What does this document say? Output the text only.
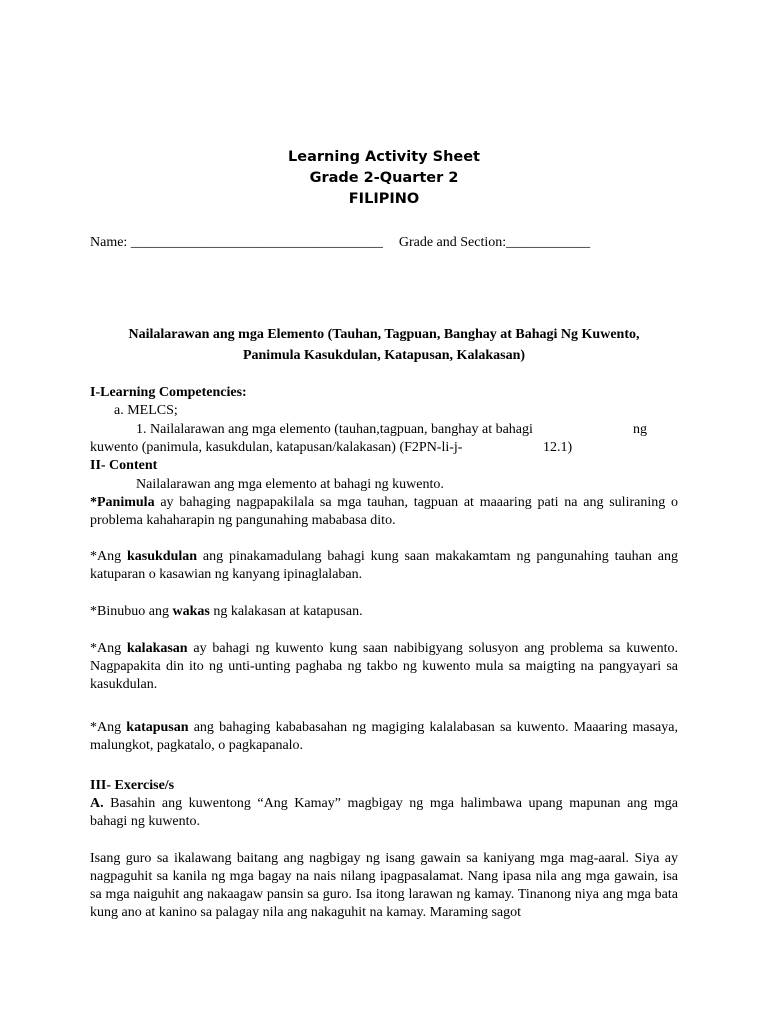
Learning Activity Sheet
Grade 2-Quarter 2
FILIPINO
Name: ____________________________________ Grade and Section:____________
Nailalarawan ang mga Elemento (Tauhan, Tagpuan, Banghay at Bahagi Ng Kuwento,
Panimula Kasukdulan, Katapusan, Kalakasan)
I-Learning Competencies:
a. MELCS;
1. Nailalarawan ang mga elemento (tauhan,tagpuan, banghay at bahagi	ng
kuwento (panimula, kasukdulan, katapusan/kalakasan) (F2PN-li-j-	12.1)
II- Content
Nailalarawan ang mga elemento at bahagi ng kuwento.
*Panimula ay bahaging nagpapakilala sa mga tauhan, tagpuan at maaaring pati na ang suliraning o problema kahaharapin ng pangunahing mababasa dito.
*Ang kasukdulan ang pinakamadulang bahagi kung saan makakamtam ng pangunahing tauhan ang katuparan o kasawian ng kanyang ipinaglalaban.
*Binubuo ang wakas ng kalakasan at katapusan.
*Ang kalakasan ay bahagi ng kuwento kung saan nabibigyang solusyon ang problema sa kuwento. Nagpapakita din ito ng unti-unting paghaba ng takbo ng kuwento mula sa maigting na pangyayari sa kasukdulan.
*Ang katapusan ang bahaging kababasahan ng magiging kalalabasan sa kuwento. Maaaring masaya, malungkot, pagkatalo, o pagkapanalo.
III- Exercise/s
A. Basahin ang kuwentong “Ang Kamay” magbigay ng mga halimbawa upang mapunan ang mga bahagi ng kuwento.
Isang guro sa ikalawang baitang ang nagbigay ng isang gawain sa kaniyang mga mag-aaral. Siya ay nagpaguhit sa kanila ng mga bagay na nais nilang ipagpasalamat. Nang ipasa nila ang mga gawain, isa sa mga naiguhit ang nakaagaw pansin sa guro. Isa itong larawan ng kamay. Tinanong niya ang mga bata kung ano at kanino sa palagay nila ang nakaguhit na kamay. Maraming sagot
